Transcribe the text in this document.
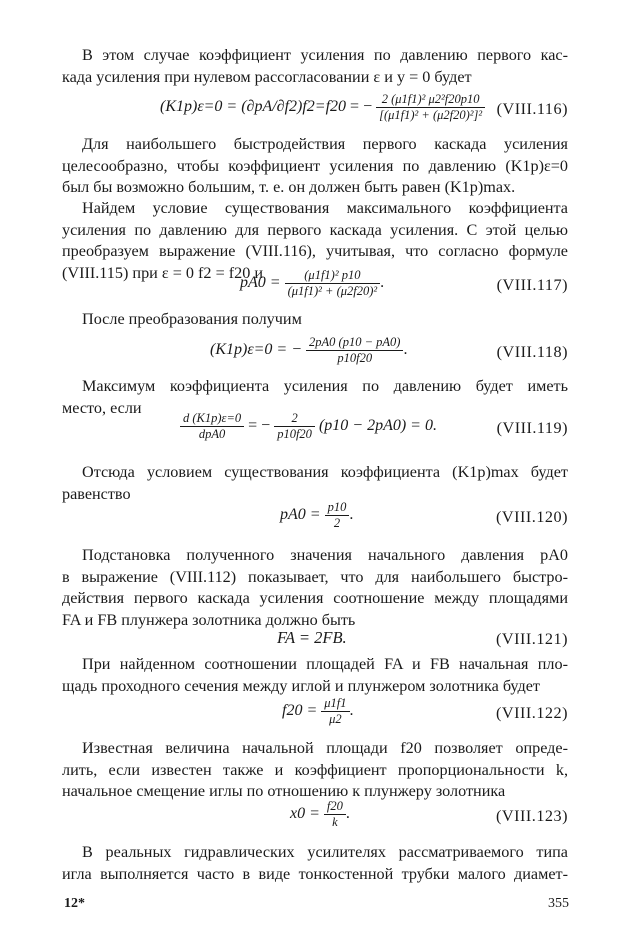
В этом случае коэффициент усиления по давлению первого кас-
када усиления при нулевом рассогласовании ε и y = 0 будет
(K1p)ε=0 = (∂pA/∂f2)f2=f20 = − $\frac{\text{2 (μ1f1)² μ2²f20p10}}{\text{[(μ1f1)² + (μ2f20)²]²}}$ (VIII.116)
Для наибольшего быстродействия первого каскада усиления
целесообразно, чтобы коэффициент усиления по давлению (K1p)ε=0
был бы возможно большим, т. е. он должен быть равен (K1p)max.
Найдем условие существования максимального коэффициента
усиления по давлению для первого каскада усиления. С этой целью
преобразуем выражение (VIII.116), учитывая, что согласно формуле
(VIII.115) при ε = 0 f2 = f20 и
$pA0 = \frac{\text{(μ1f1)² p10}}{\text{(μ1f1)² + (μ2f20)²}}$ .	(VIII.117)
После преобразования получим
(K1p)ε=0 = − $\frac{2pA0 (p10 - pA0)}{p10f20}$ .	(VIII.118)
Максимум коэффициента усиления по давлению будет иметь
место, если
$\frac{d (K1p)\varepsilon=0}{\text{dpA0}}$ = − $\frac{2}{p10f20} (p10 - 2pA0) = 0$.	(VIII.119)
Отсюда условием существования коэффициента (K1p)max будет
равенство
$pA0 = \frac{p10}{2}$ .	(VIII.120)
Подстановка полученного значения начального давления pA0
в выражение (VIII.112) показывает, что для наибольшего быстро-
действия первого каскада усиления соотношение между площадями
FA и FB плунжера золотника должно быть
FA = 2FB.	(VIII.121)
При найденном соотношении площадей FA и FB начальная пло-
щадь проходного сечения между иглой и плунжером золотника будет
$f20 = \frac{\mu 1f1}{\mu 2}$ .	(VIII.122)
Известная величина начальной площади f20 позволяет опреде-
лить, если известен также и коэффициент пропорциональности k,
начальное смещение иглы по отношению к плунжеру золотника
$x0 = \frac{f20}{k}$ .	(VIII.123)
В реальных гидравлических усилителях рассматриваемого типа
игла выполняется часто в виде тонкостенной трубки малого диамет-
12*	355
